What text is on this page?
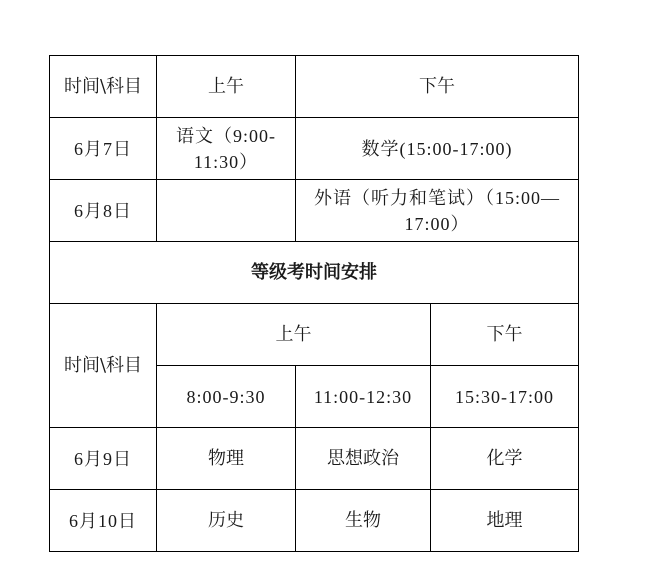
时间\科目	上午	下午	
6月7日	语文（9:00-11:30）	数学(15:00-17:00)	
6月8日		外语（听力和笔试）（15:00—17:00）	
等级考时间安排			
时间\科目	上午		下午
	8:00-9:30	11:00-12:30	15:30-17:00
6月9日	物理	思想政治	化学
6月10日	历史	生物	地理
